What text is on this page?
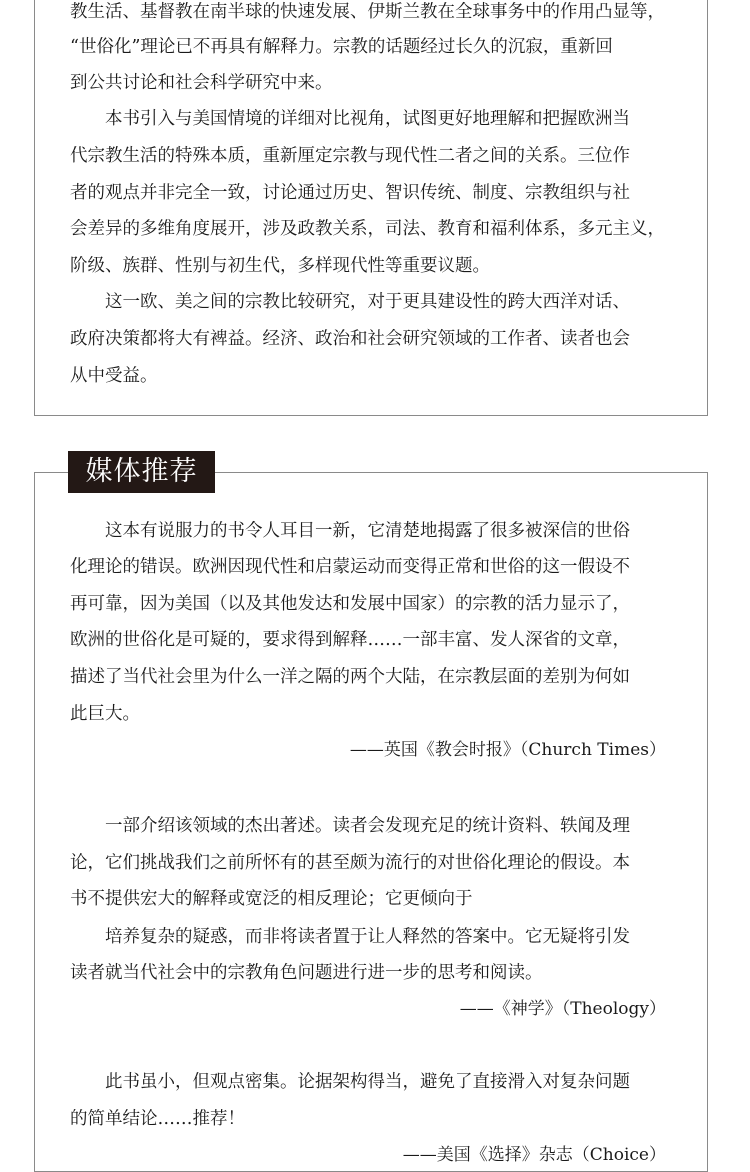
教生活、基督教在南半球的快速发展、伊斯兰教在全球事务中的作用凸显等，
“世俗化”理论已不再具有解释力。宗教的话题经过长久的沉寂，重新回
到公共讨论和社会科学研究中来。
本书引入与美国情境的详细对比视角，试图更好地理解和把握欧洲当
代宗教生活的特殊本质，重新厘定宗教与现代性二者之间的关系。三位作
者的观点并非完全一致，讨论通过历史、智识传统、制度、宗教组织与社
会差异的多维角度展开，涉及政教关系，司法、教育和福利体系，多元主义，
阶级、族群、性别与初生代，多样现代性等重要议题。
这一欧、美之间的宗教比较研究，对于更具建设性的跨大西洋对话、
政府决策都将大有裨益。经济、政治和社会研究领域的工作者、读者也会
从中受益。
媒体推荐
这本有说服力的书令人耳目一新，它清楚地揭露了很多被深信的世俗
化理论的错误。欧洲因现代性和启蒙运动而变得正常和世俗的这一假设不
再可靠，因为美国（以及其他发达和发展中国家）的宗教的活力显示了，
欧洲的世俗化是可疑的，要求得到解释……一部丰富、发人深省的文章，
描述了当代社会里为什么一洋之隔的两个大陆，在宗教层面的差别为何如
此巨大。
——英国《教会时报》（Church Times）
一部介绍该领域的杰出著述。读者会发现充足的统计资料、轶闻及理
论，它们挑战我们之前所怀有的甚至颇为流行的对世俗化理论的假设。本
书不提供宏大的解释或宽泛的相反理论；它更倾向于
培养复杂的疑惑，而非将读者置于让人释然的答案中。它无疑将引发
读者就当代社会中的宗教角色问题进行进一步的思考和阅读。
——《神学》（Theology）
此书虽小，但观点密集。论据架构得当，避免了直接滑入对复杂问题
的简单结论……推荐！
——美国《选择》杂志（Choice）
